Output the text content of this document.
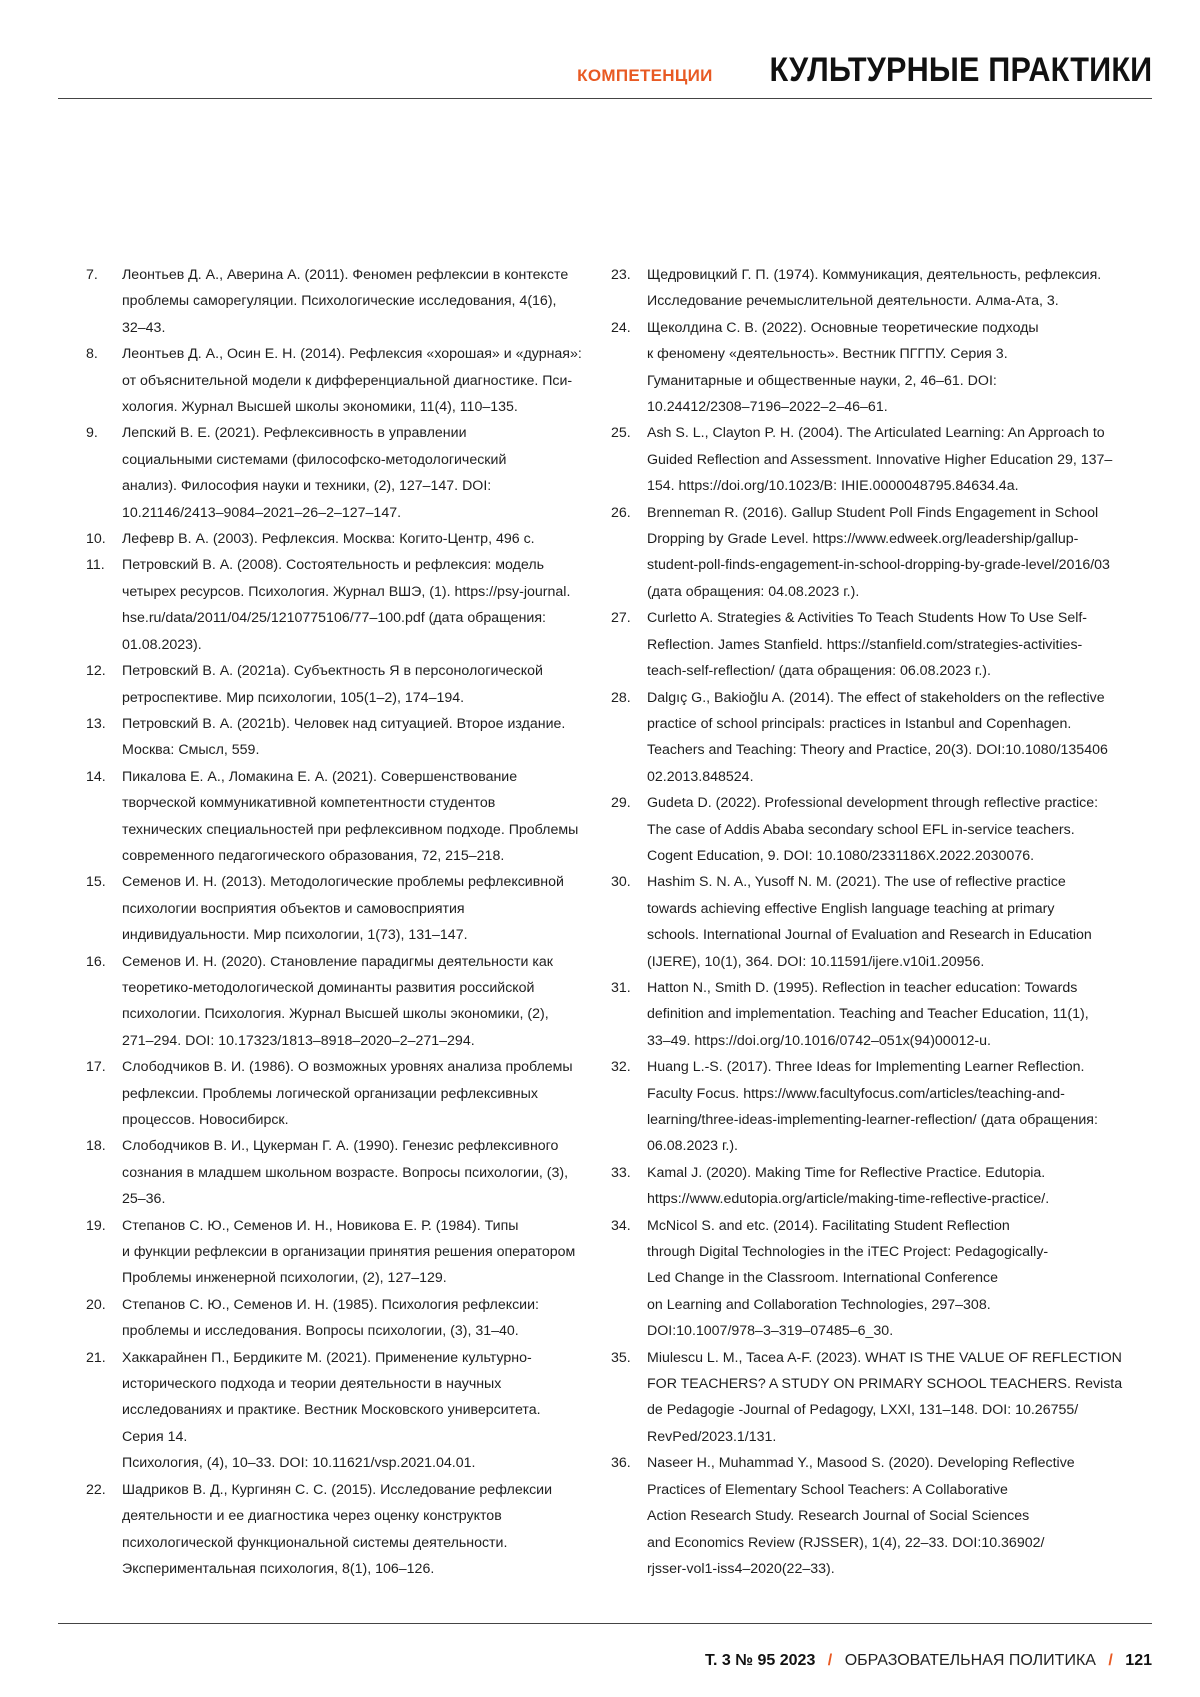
КОМПЕТЕНЦИИ КУЛЬТУРНЫЕ ПРАКТИКИ
7.	Леонтьев Д. А., Аверина А. (2011). Феномен рефлексии в контексте
проблемы саморегуляции. Психологические исследования, 4(16),
32–43.
8.	Леонтьев Д. А., Осин Е. Н. (2014). Рефлексия «хорошая» и «дурная»:
от объяснительной модели к дифференциальной диагностике. Пси-
хология. Журнал Высшей школы экономики, 11(4), 110–135.
9.	Лепский В. Е. (2021). Рефлексивность в управлении
социальными системами (философско-методологический
анализ). Философия науки и техники, (2), 127–147. DOI:
10.21146/2413–9084–2021–26–2–127–147.
10.	Лефевр В. А. (2003). Рефлексия. Москва: Когито-Центр, 496 с.
11.	Петровский В. А. (2008). Состоятельность и рефлексия: модель
четырех ресурсов. Психология. Журнал ВШЭ, (1). https://psy-journal.
hse.ru/data/2011/04/25/1210775106/77–100.pdf (дата обращения:
01.08.2023).
12.	Петровский В. А. (2021a). Субъектность Я в персонологической
ретроспективе. Мир психологии, 105(1–2), 174–194.
13.	Петровский В. А. (2021b). Человек над ситуацией. Второе издание.
Москва: Смысл, 559.
14.	Пикалова Е. А., Ломакина Е. А. (2021). Совершенствование
творческой коммуникативной компетентности студентов
технических специальностей при рефлексивном подходе. Проблемы
современного педагогического образования, 72, 215–218.
15.	Семенов И. Н. (2013). Методологические проблемы рефлексивной
психологии восприятия объектов и самовосприятия
индивидуальности. Мир психологии, 1(73), 131–147.
16.	Семенов И. Н. (2020). Становление парадигмы деятельности как
теоретико-методологической доминанты развития российской
психологии. Психология. Журнал Высшей школы экономики, (2),
271–294. DOI: 10.17323/1813–8918–2020–2–271–294.
17.	Слободчиков В. И. (1986). О возможных уровнях анализа проблемы
рефлексии. Проблемы логической организации рефлексивных
процессов. Новосибирск.
18.	Слободчиков В. И., Цукерман Г. А. (1990). Генезис рефлексивного
сознания в младшем школьном возрасте. Вопросы психологии, (3),
25–36.
19.	Степанов С. Ю., Семенов И. Н., Новикова Е. Р. (1984). Типы
и функции рефлексии в организации принятия решения оператором
Проблемы инженерной психологии, (2), 127–129.
20.	Степанов С. Ю., Семенов И. Н. (1985). Психология рефлексии:
проблемы и исследования. Вопросы психологии, (3), 31–40.
21.	Хаккарайнен П., Бердиките М. (2021). Применение культурно-
исторического подхода и теории деятельности в научных
исследованиях и практике. Вестник Московского университета.
Серия 14.
Психология, (4), 10–33. DOI: 10.11621/vsp.2021.04.01.
22.	Шадриков В. Д., Кургинян С. С. (2015). Исследование рефлексии
деятельности и ее диагностика через оценку конструктов
психологической функциональной системы деятельности.
Экспериментальная психология, 8(1), 106–126.
23.	Щедровицкий Г. П. (1974). Коммуникация, деятельность, рефлексия.
Исследование речемыслительной деятельности. Алма-Ата, 3.
24.	Щеколдина С. В. (2022). Основные теоретические подходы
к феномену «деятельность». Вестник ПГГПУ. Серия 3.
Гуманитарные и общественные науки, 2, 46–61. DOI:
10.24412/2308–7196–2022–2–46–61.
25.	Ash S. L., Clayton P. H. (2004). The Articulated Learning: An Approach to
Guided Reflection and Assessment. Innovative Higher Education 29, 137–
154. https://doi.org/10.1023/B: IHIE.0000048795.84634.4a.
26.	Brenneman R. (2016). Gallup Student Poll Finds Engagement in School
Dropping by Grade Level. https://www.edweek.org/leadership/gallup-
student-poll-finds-engagement-in-school-dropping-by-grade-level/2016/03
(дата обращения: 04.08.2023 г.).
27.	Curletto A. Strategies & Activities To Teach Students How To Use Self-
Reflection. James Stanfield. https://stanfield.com/strategies-activities-
teach-self-reflection/ (дата обращения: 06.08.2023 г.).
28.	Dalgıç G., Bakioğlu A. (2014). The effect of stakeholders on the reflective
practice of school principals: practices in Istanbul and Copenhagen.
Teachers and Teaching: Theory and Practice, 20(3). DOI:10.1080/135406
02.2013.848524.
29.	Gudeta D. (2022). Professional development through reflective practice:
The case of Addis Ababa secondary school EFL in-service teachers.
Cogent Education, 9. DOI: 10.1080/2331186X.2022.2030076.
30.	Hashim S. N. A., Yusoff N. M. (2021). The use of reflective practice
towards achieving effective English language teaching at primary
schools. International Journal of Evaluation and Research in Education
(IJERE), 10(1), 364. DOI: 10.11591/ijere.v10i1.20956.
31.	Hatton N., Smith D. (1995). Reflection in teacher education: Towards
definition and implementation. Teaching and Teacher Education, 11(1),
33–49. https://doi.org/10.1016/0742–051x(94)00012-u.
32.	Huang L.-S. (2017). Three Ideas for Implementing Learner Reflection.
Faculty Focus. https://www.facultyfocus.com/articles/teaching-and-
learning/three-ideas-implementing-learner-reflection/ (дата обращения:
06.08.2023 г.).
33.	Kamal J. (2020). Making Time for Reflective Practice. Edutopia.
https://www.edutopia.org/article/making-time-reflective-practice/.
34.	McNicol S. and etc. (2014). Facilitating Student Reflection
through Digital Technologies in the iTEC Project: Pedagogically-
Led Change in the Classroom. International Conference
on Learning and Collaboration Technologies, 297–308.
DOI:10.1007/978–3–319–07485–6_30.
35.	Miulescu L. M., Tacea A-F. (2023). WHAT IS THE VALUE OF REFLECTION
FOR TEACHERS? A STUDY ON PRIMARY SCHOOL TEACHERS. Revista
de Pedagogie -Journal of Pedagogy, LXXI, 131–148. DOI: 10.26755/
RevPed/2023.1/131.
36.	Naseer H., Muhammad Y., Masood S. (2020). Developing Reflective
Practices of Elementary School Teachers: A Collaborative
Action Research Study. Research Journal of Social Sciences
and Economics Review (RJSSER), 1(4), 22–33. DOI:10.36902/
rjsser-vol1-iss4–2020(22–33).
Т. 3 № 95 2023 / ОБРАЗОВАТЕЛЬНАЯ ПОЛИТИКА / 121
